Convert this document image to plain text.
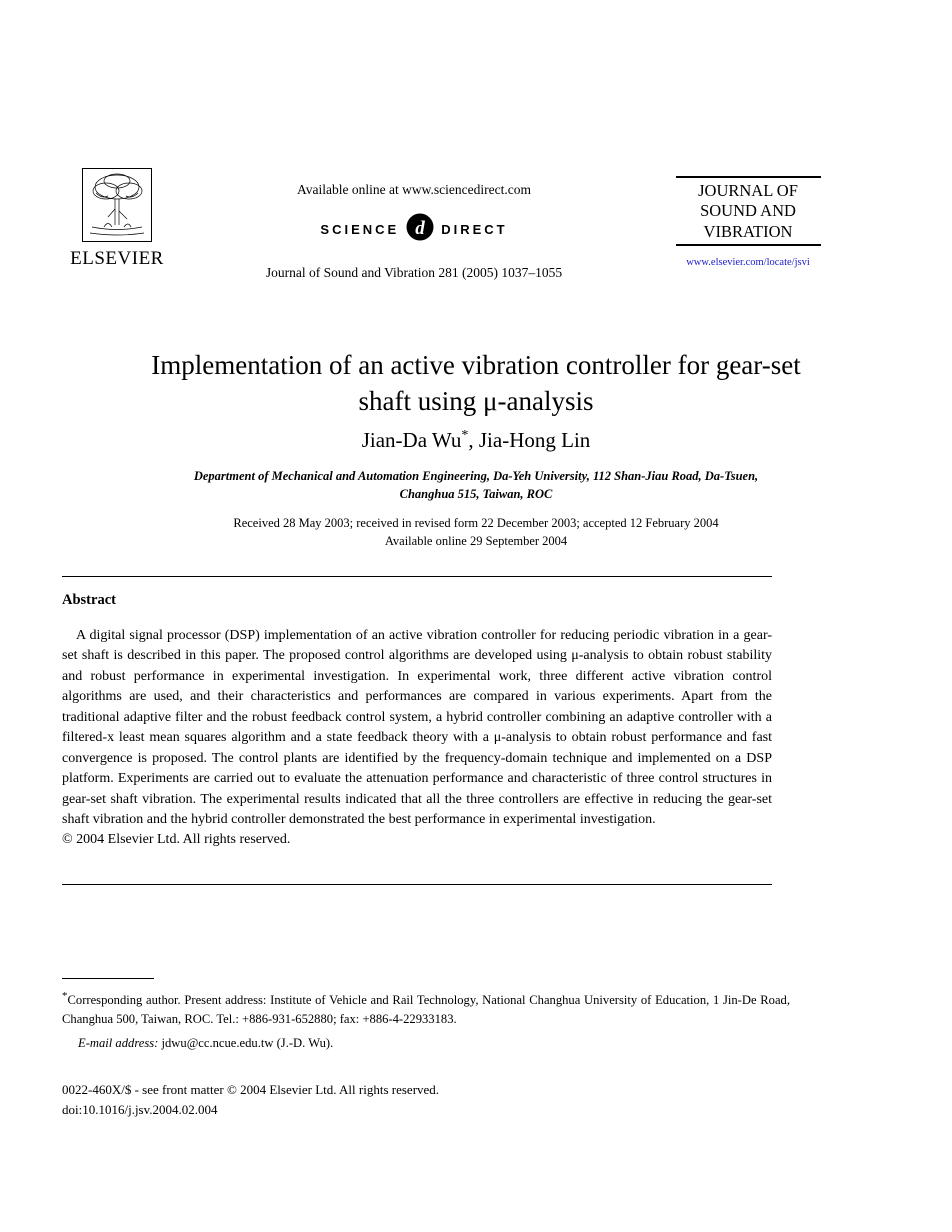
ELSEVIER
Available online at www.sciencedirect.com
SCIENCE d DIRECT
Journal of Sound and Vibration 281 (2005) 1037–1055
JOURNAL OF
SOUND AND
VIBRATION
www.elsevier.com/locate/jsvi
Implementation of an active vibration controller for gear-set
shaft using μ-analysis
Jian-Da Wu*, Jia-Hong Lin
Department of Mechanical and Automation Engineering, Da-Yeh University, 112 Shan-Jiau Road, Da-Tsuen,
Changhua 515, Taiwan, ROC
Received 28 May 2003; received in revised form 22 December 2003; accepted 12 February 2004
Available online 29 September 2004
Abstract

A digital signal processor (DSP) implementation of an active vibration controller for reducing periodic vibration in a gear-set shaft is described in this paper. The proposed control algorithms are developed using μ-analysis to obtain robust stability and robust performance in experimental investigation. In experimental work, three different active vibration control algorithms are used, and their characteristics and performances are compared in various experiments. Apart from the traditional adaptive filter and the robust feedback control system, a hybrid controller combining an adaptive controller with a filtered-x least mean squares algorithm and a state feedback theory with a μ-analysis to obtain robust performance and fast convergence is proposed. The control plants are identified by the frequency-domain technique and implemented on a DSP platform. Experiments are carried out to evaluate the attenuation performance and characteristic of three control structures in gear-set shaft vibration. The experimental results indicated that all the three controllers are effective in reducing the gear-set shaft vibration and the hybrid controller demonstrated the best performance in experimental investigation.

© 2004 Elsevier Ltd. All rights reserved.

*Corresponding author. Present address: Institute of Vehicle and Rail Technology, National Changhua University of Education, 1 Jin-De Road, Changhua 500, Taiwan, ROC. Tel.: +886-931-652880; fax: +886-4-22933183.
E-mail address: jdwu@cc.ncue.edu.tw (J.-D. Wu).
0022-460X/$ - see front matter © 2004 Elsevier Ltd. All rights reserved.
doi:10.1016/j.jsv.2004.02.004
